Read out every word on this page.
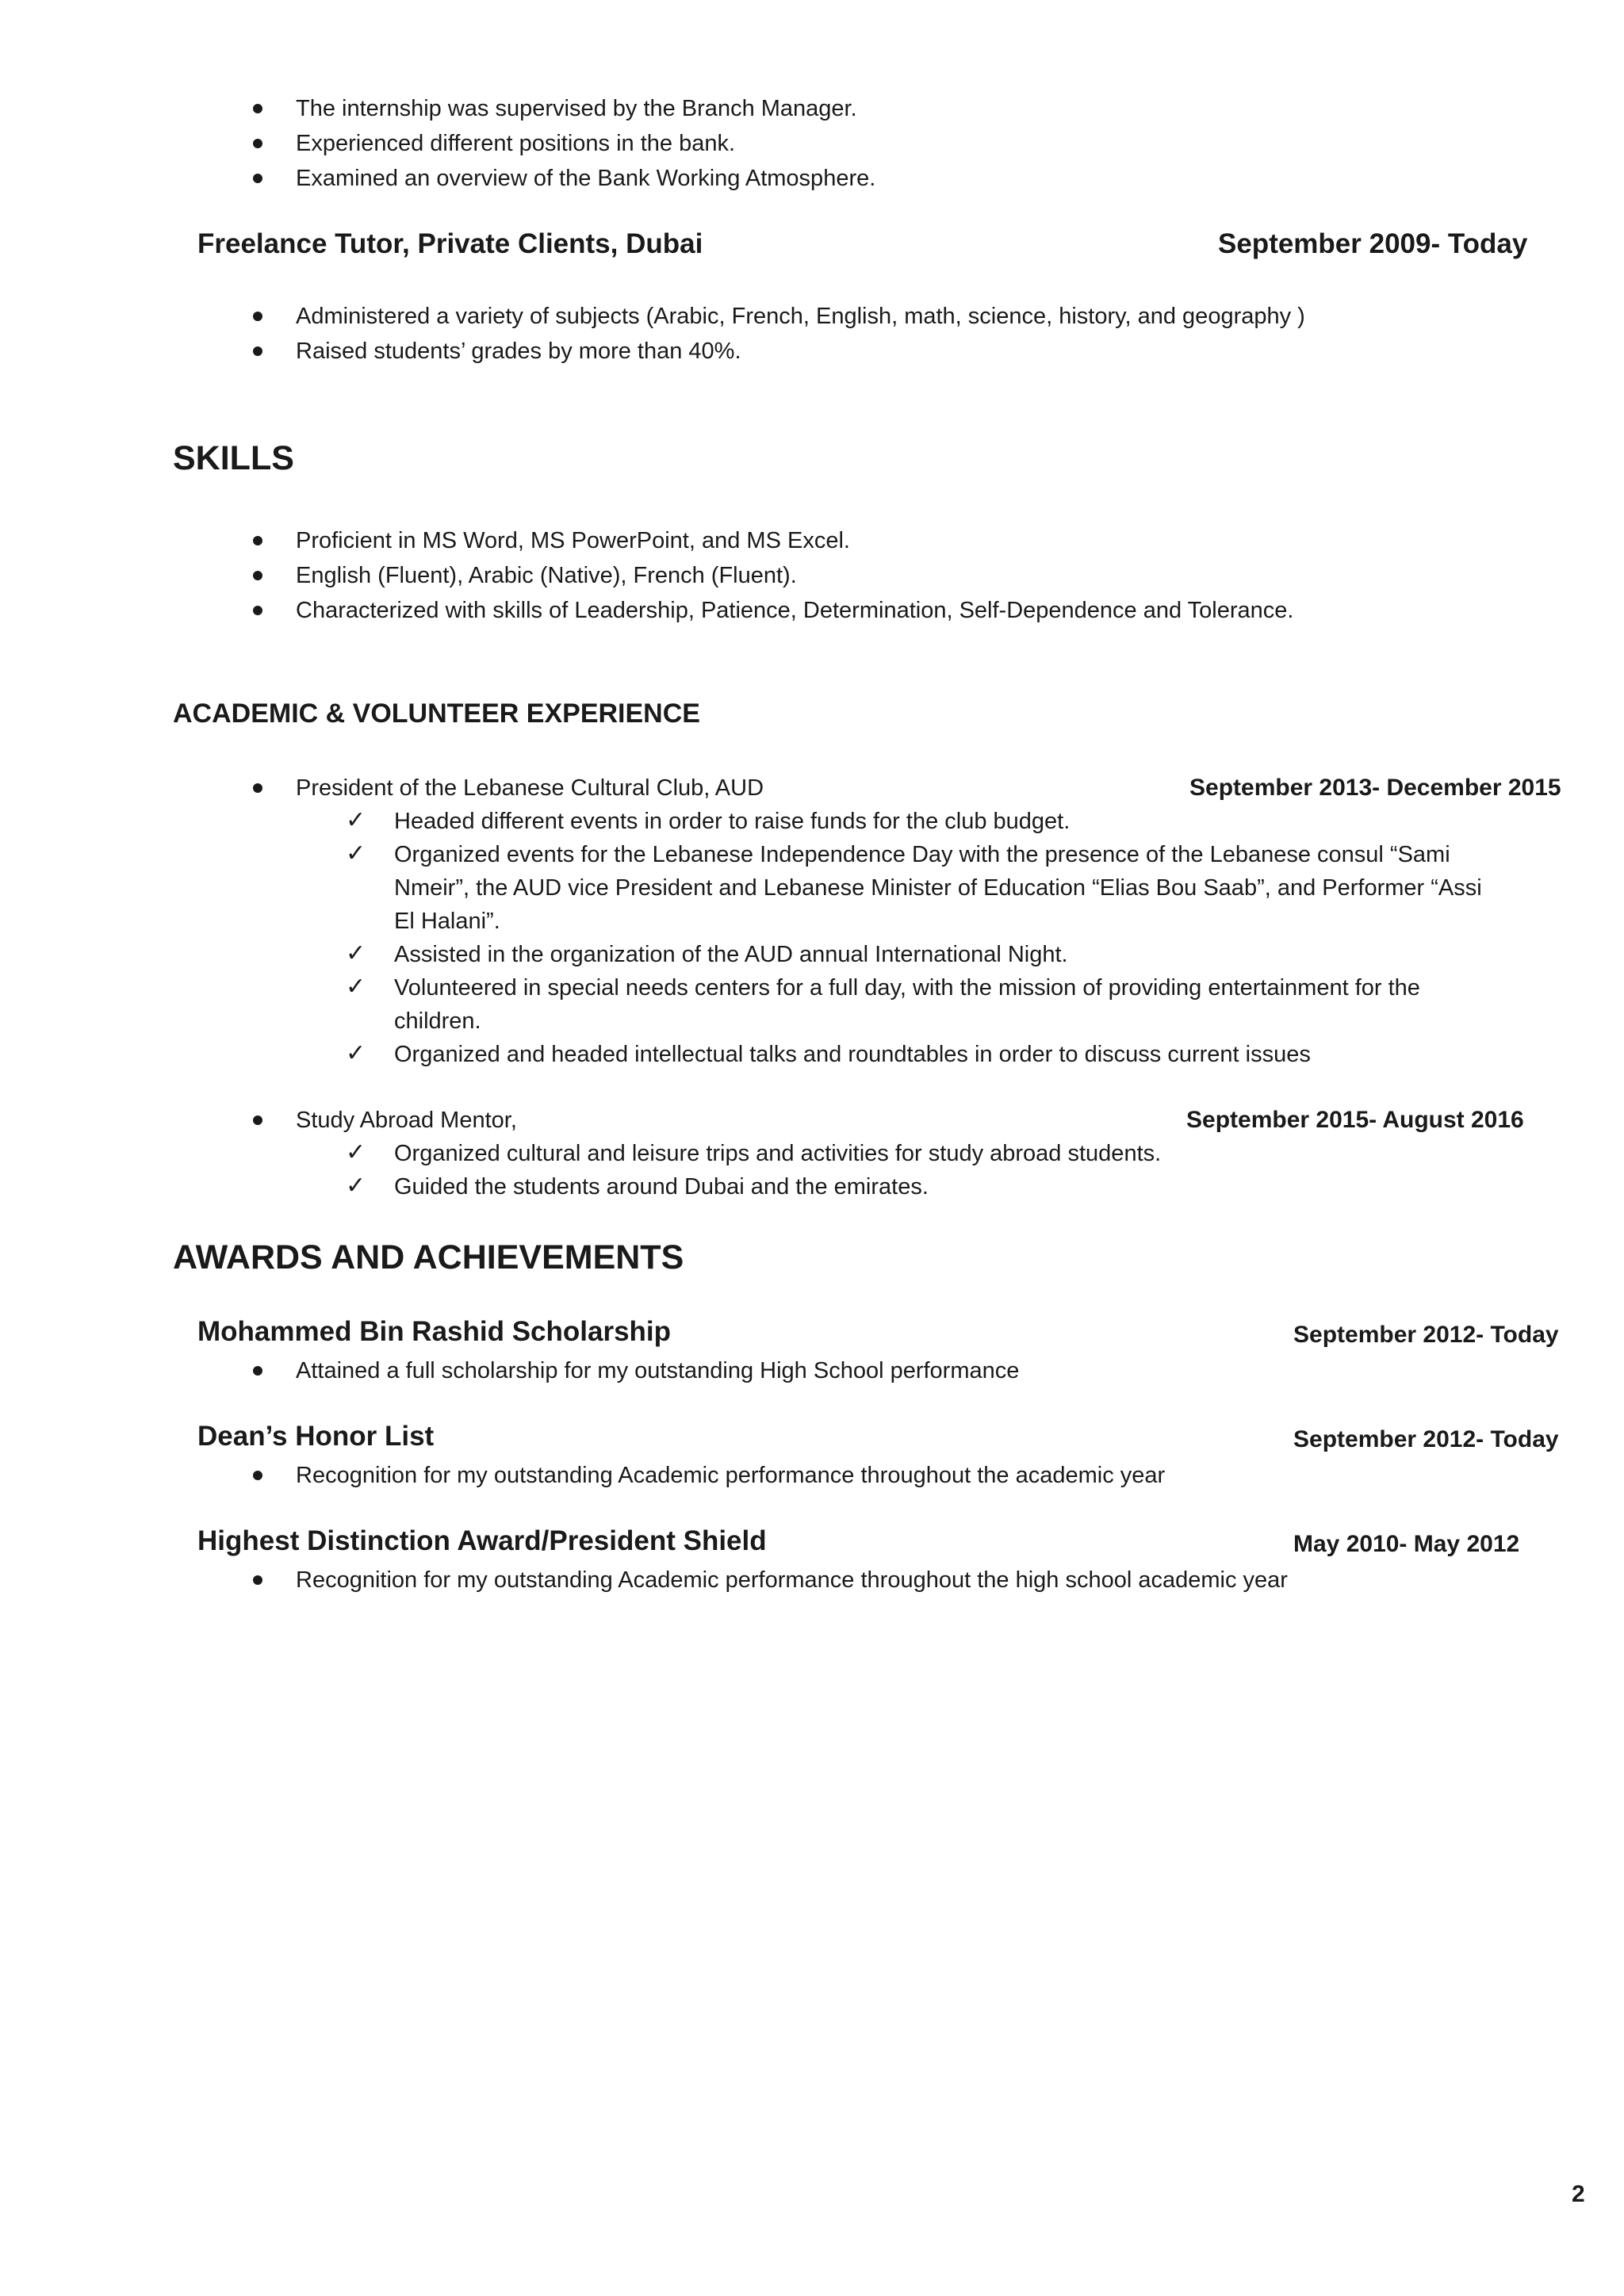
The internship was supervised by the Branch Manager.
Experienced different positions in the bank.
Examined an overview of the Bank Working Atmosphere.
Freelance Tutor, Private Clients, Dubai	September 2009- Today
Administered a variety of subjects (Arabic, French, English, math, science, history, and geography )
Raised students’ grades by more than 40%.
SKILLS
Proficient in MS Word, MS PowerPoint, and MS Excel.
English (Fluent), Arabic (Native), French (Fluent).
Characterized with skills of Leadership, Patience, Determination, Self-Dependence and Tolerance.
ACADEMIC & VOLUNTEER EXPERIENCE
President of the Lebanese Cultural Club, AUD	September 2013- December 2015
✓ Headed different events in order to raise funds for the club budget.
✓ Organized events for the Lebanese Independence Day with the presence of the Lebanese consul “Sami
Nmeir”, the AUD vice President and Lebanese Minister of Education “Elias Bou Saab”, and Performer “Assi
El Halani”.
✓ Assisted in the organization of the AUD annual International Night.
✓ Volunteered in special needs centers for a full day, with the mission of providing entertainment for the
children.
✓ Organized and headed intellectual talks and roundtables in order to discuss current issues
Study Abroad Mentor,	September 2015- August 2016
✓ Organized cultural and leisure trips and activities for study abroad students.
✓ Guided the students around Dubai and the emirates.
AWARDS AND ACHIEVEMENTS
Mohammed Bin Rashid Scholarship	September 2012- Today
Attained a full scholarship for my outstanding High School performance
Dean’s Honor List	September 2012- Today
Recognition for my outstanding Academic performance throughout the academic year
Highest Distinction Award/President Shield	May 2010- May 2012
Recognition for my outstanding Academic performance throughout the high school academic year
2
